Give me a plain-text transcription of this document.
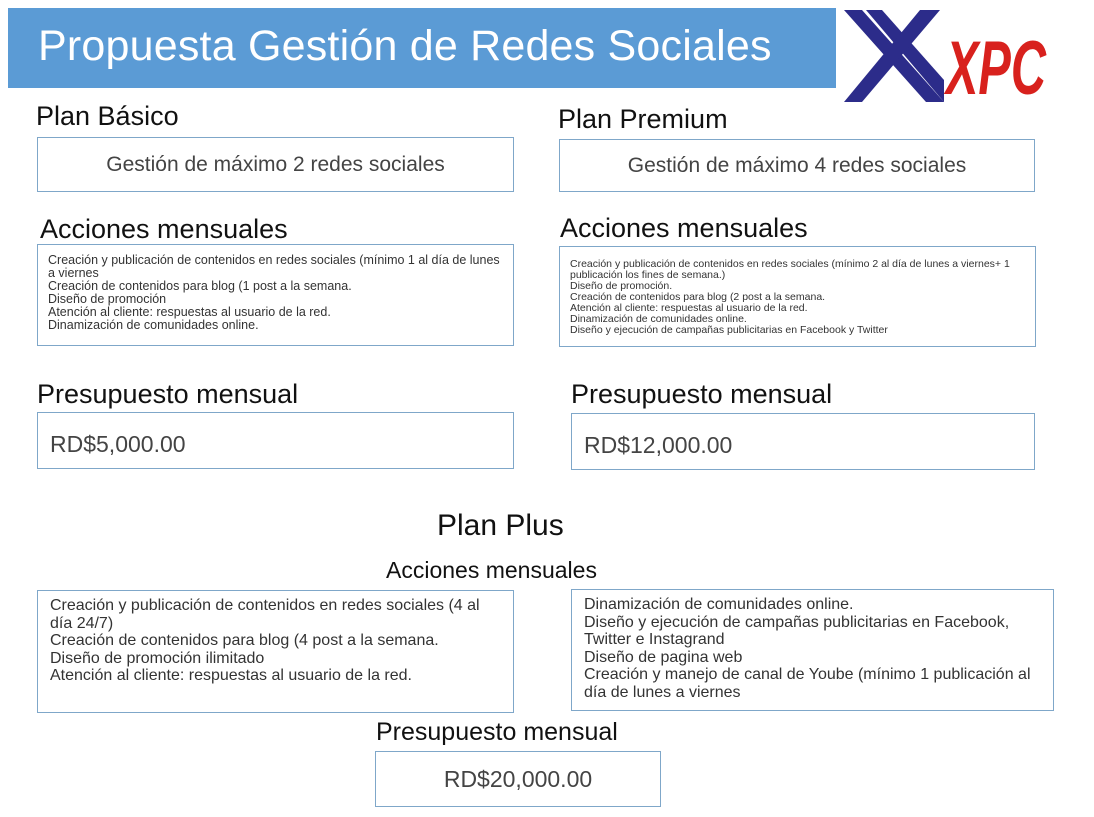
Propuesta Gestión de Redes Sociales XPC
Plan Básico
Gestión de máximo 2 redes sociales
Acciones mensuales
Creación y publicación de contenidos en redes sociales (mínimo 1 al día de lunes a viernes
Creación de contenidos para blog (1 post a la semana.
Diseño de promoción
Atención al cliente: respuestas al usuario de la red.
Dinamización de comunidades online.
Presupuesto mensual
RD$5,000.00
Plan Premium
Gestión de máximo 4 redes sociales
Acciones mensuales
Creación y publicación de contenidos en redes sociales (mínimo 2 al día de lunes a viernes+ 1 publicación los fines de semana.)
Diseño de promoción.
Creación de contenidos para blog (2 post a la semana.
Atención al cliente: respuestas al usuario de la red.
Dinamización de comunidades online.
Diseño y ejecución de campañas publicitarias en Facebook y Twitter
Presupuesto mensual
RD$12,000.00
Plan Plus
Acciones mensuales
Creación y publicación de contenidos en redes sociales (4 al día 24/7)
Creación de contenidos para blog (4 post a la semana.
Diseño de promoción ilimitado
Atención al cliente: respuestas al usuario de la red.
Dinamización de comunidades online.
Diseño y ejecución de campañas publicitarias en Facebook, Twitter e Instagrand
Diseño de pagina web
Creación y manejo de canal de Yoube (mínimo 1 publicación al día de lunes a viernes
Presupuesto mensual
RD$20,000.00
